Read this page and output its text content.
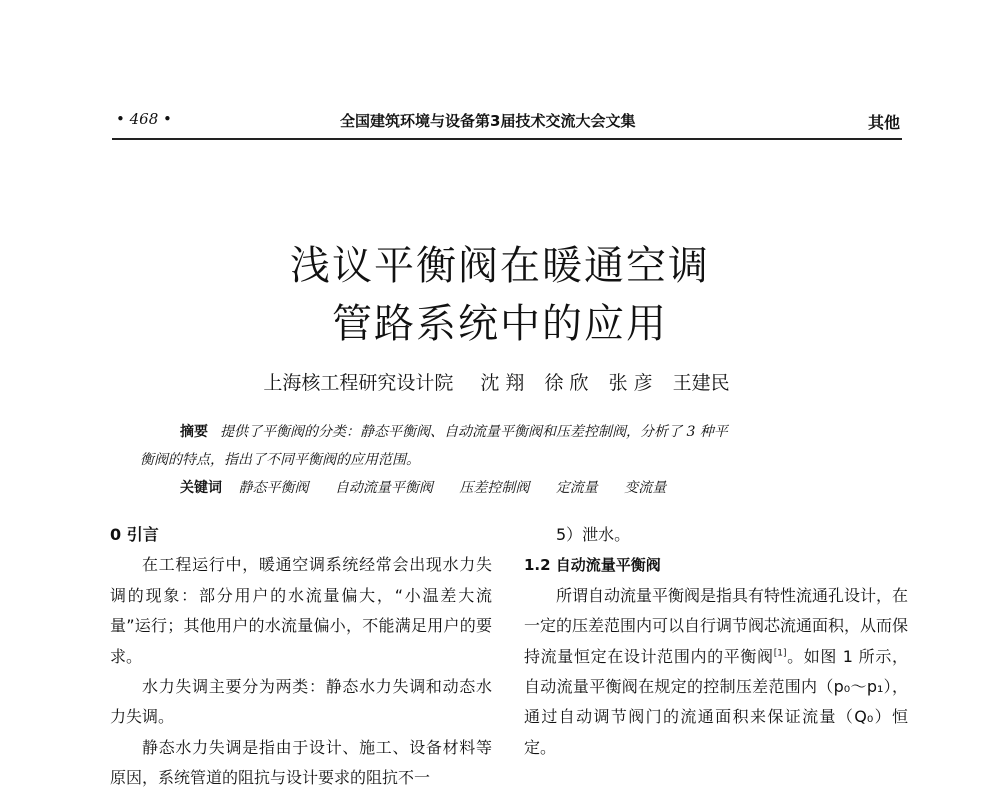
• 468 •	全国建筑环境与设备第3届技术交流大会文集	其他
浅议平衡阀在暖通空调
管路系统中的应用
上海核工程研究设计院 沈 翔 徐 欣 张 彦 王建民
摘要 提供了平衡阀的分类：静态平衡阀、自动流量平衡阀和压差控制阀，分析了 3 种平
衡阀的特点，指出了不同平衡阀的应用范围。
关键词 静态平衡阀 自动流量平衡阀 压差控制阀 定流量 变流量

0 引言

在工程运行中，暖通空调系统经常会出现水力失调的现象：部分用户的水流量偏大，“小温差大流量”运行；其他用户的水流量偏小，不能满足用户的要求。

水力失调主要分为两类：静态水力失调和动态水力失调。

静态水力失调是指由于设计、施工、设备材料等原因，系统管道的阻抗与设计要求的阻抗不一

5）泄水。

1.2 自动流量平衡阀

所谓自动流量平衡阀是指具有特性流通孔设计，在一定的压差范围内可以自行调节阀芯流通面积，从而保持流量恒定在设计范围内的平衡阀[1]。如图 1 所示，自动流量平衡阀在规定的控制压差范围内（p₀～p₁），通过自动调节阀门的流通面积来保证流量（Q₀）恒定。
